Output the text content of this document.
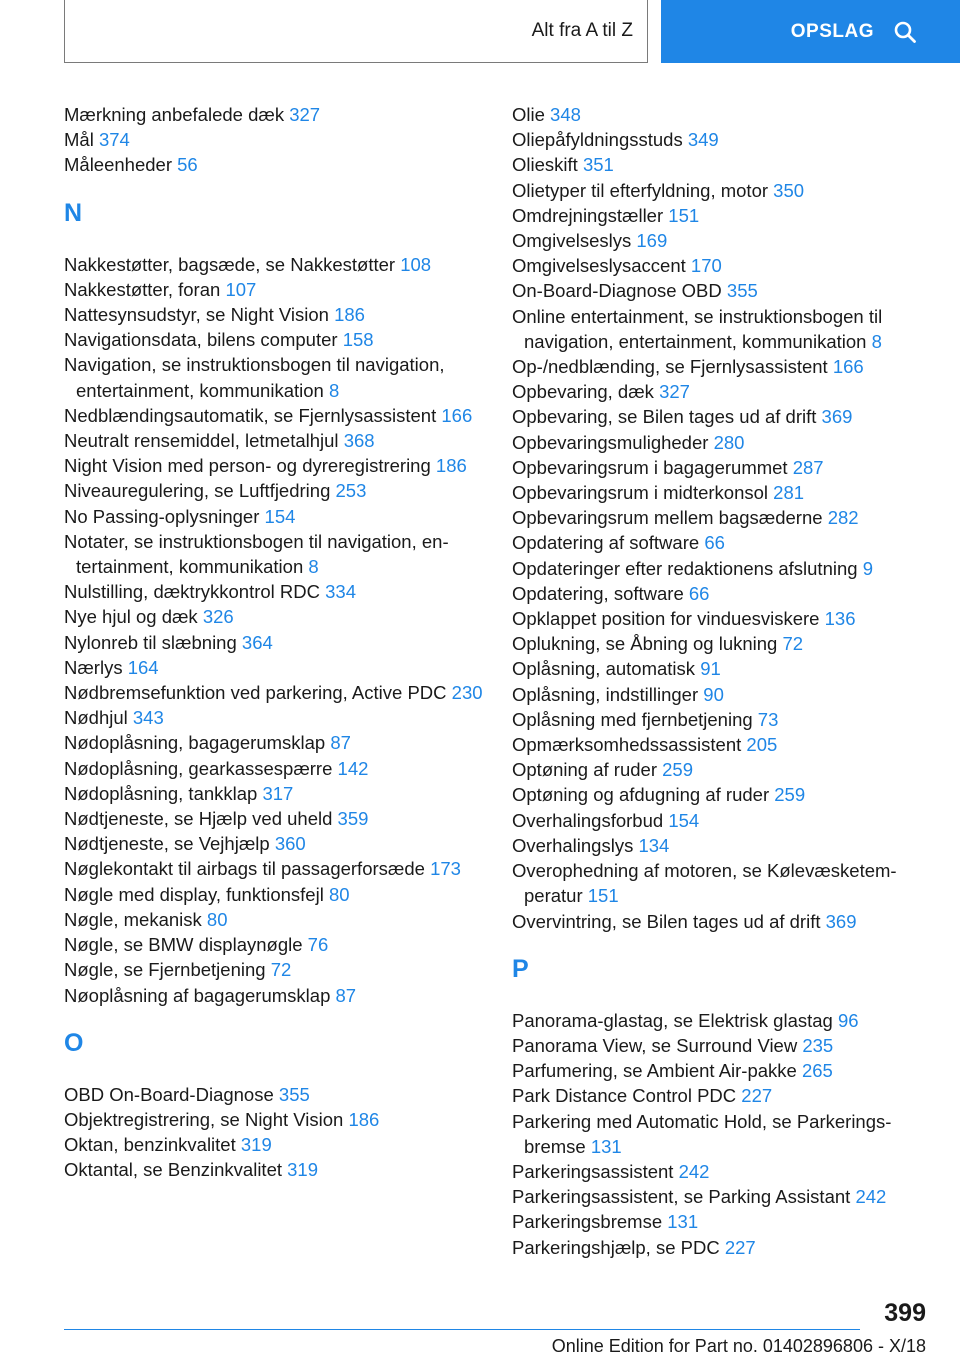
Alt fra A til Z	OPSLAG
Mærkning anbefalede dæk 327
Mål 374
Måleenheder 56
N
Nakkestøtter, bagsæde, se Nakkestøtter 108
Nakkestøtter, foran 107
Nattesynsudstyr, se Night Vision 186
Navigationsdata, bilens computer 158
Navigation, se instruktionsbogen til navigation, entertainment, kommunikation 8
Nedblændingsautomatik, se Fjernlysassistent 166
Neutralt rensemiddel, letmetalhjul 368
Night Vision med person- og dyreregistrering 186
Niveauregulering, se Luftfjedring 253
No Passing-oplysninger 154
Notater, se instruktionsbogen til navigation, entertainment, kommunikation 8
Nulstilling, dæktrykkontrol RDC 334
Nye hjul og dæk 326
Nylonreb til slæbning 364
Nærlys 164
Nødbremsefunktion ved parkering, Active PDC 230
Nødhjul 343
Nødoplåsning, bagagerumsklap 87
Nødoplåsning, gearkassespærre 142
Nødoplåsning, tankklap 317
Nødtjeneste, se Hjælp ved uheld 359
Nødtjeneste, se Vejhjælp 360
Nøglekontakt til airbags til passagerforsæde 173
Nøgle med display, funktionsfejl 80
Nøgle, mekanisk 80
Nøgle, se BMW displaynøgle 76
Nøgle, se Fjernbetjening 72
Nøoplåsning af bagagerumsklap 87
O
OBD On-Board-Diagnose 355
Objektregistrering, se Night Vision 186
Oktan, benzinkvalitet 319
Oktantal, se Benzinkvalitet 319
Olie 348
Oliepåfyldningsstuds 349
Olieskift 351
Olietyper til efterfyldning, motor 350
Omdrejningstæller 151
Omgivelseslys 169
Omgivelseslysaccent 170
On-Board-Diagnose OBD 355
Online entertainment, se instruktionsbogen til navigation, entertainment, kommunikation 8
Op-/nedblænding, se Fjernlysassistent 166
Opbevaring, dæk 327
Opbevaring, se Bilen tages ud af drift 369
Opbevaringsmuligheder 280
Opbevaringsrum i bagagerummet 287
Opbevaringsrum i midterkonsol 281
Opbevaringsrum mellem bagsæderne 282
Opdatering af software 66
Opdateringer efter redaktionens afslutning 9
Opdatering, software 66
Opklappet position for vinduesviskere 136
Oplukning, se Åbning og lukning 72
Oplåsning, automatisk 91
Oplåsning, indstillinger 90
Oplåsning med fjernbetjening 73
Opmærksomhedssassistent 205
Optøning af ruder 259
Optøning og afdugning af ruder 259
Overhalingsforbud 154
Overhalingslys 134
Overophedning af motoren, se Kølevæsketemperatur 151
Overvintring, se Bilen tages ud af drift 369
P
Panorama-glastag, se Elektrisk glastag 96
Panorama View, se Surround View 235
Parfumering, se Ambient Air-pakke 265
Park Distance Control PDC 227
Parkering med Automatic Hold, se Parkeringsbremse 131
Parkeringsassistent 242
Parkeringsassistent, se Parking Assistant 242
Parkeringsbremse 131
Parkeringshjælp, se PDC 227
399
Online Edition for Part no. 01402896806 - X/18
